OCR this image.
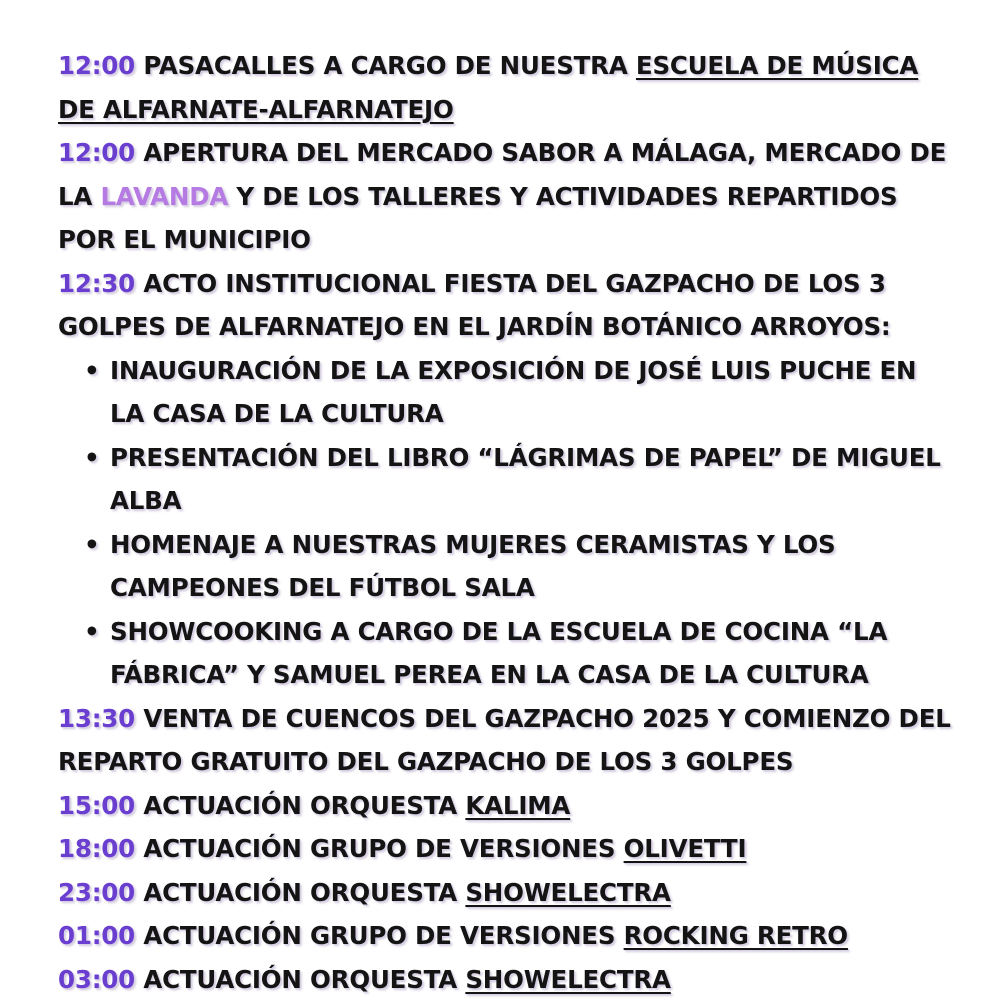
12:00 PASACALLES A CARGO DE NUESTRA ESCUELA DE MÚSICA DE ALFARNATE-ALFARNATEJO

12:00 APERTURA DEL MERCADO SABOR A MÁLAGA, MERCADO DE LA LAVANDA Y DE LOS TALLERES Y ACTIVIDADES REPARTIDOS POR EL MUNICIPIO

12:30 ACTO INSTITUCIONAL FIESTA DEL GAZPACHO DE LOS 3 GOLPES DE ALFARNATEJO EN EL JARDÍN BOTÁNICO ARROYOS:
• INAUGURACIÓN DE LA EXPOSICIÓN DE JOSÉ LUIS PUCHE EN LA CASA DE LA CULTURA
• PRESENTACIÓN DEL LIBRO “LÁGRIMAS DE PAPEL” DE MIGUEL ALBA
• HOMENAJE A NUESTRAS MUJERES CERAMISTAS Y LOS CAMPEONES DEL FÚTBOL SALA
• SHOWCOOKING A CARGO DE LA ESCUELA DE COCINA “LA FÁBRICA” Y SAMUEL PEREA EN LA CASA DE LA CULTURA

13:30 VENTA DE CUENCOS DEL GAZPACHO 2025 Y COMIENZO DEL REPARTO GRATUITO DEL GAZPACHO DE LOS 3 GOLPES

15:00 ACTUACIÓN ORQUESTA KALIMA

18:00 ACTUACIÓN GRUPO DE VERSIONES OLIVETTI

23:00 ACTUACIÓN ORQUESTA SHOWELECTRA

01:00 ACTUACIÓN GRUPO DE VERSIONES ROCKING RETRO

03:00 ACTUACIÓN ORQUESTA SHOWELECTRA
